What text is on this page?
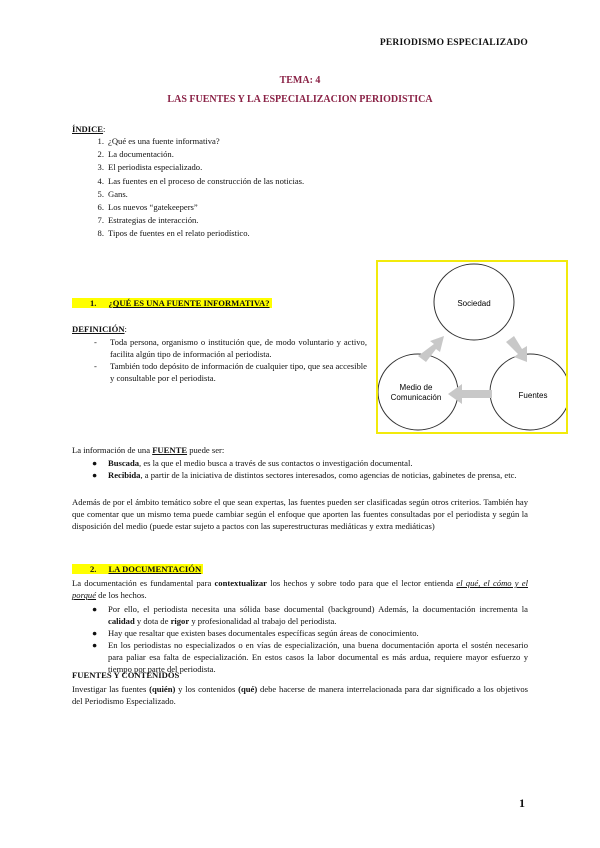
PERIODISMO ESPECIALIZADO
TEMA: 4
LAS FUENTES Y LA ESPECIALIZACION PERIODISTICA
ÍNDICE:
1. ¿Qué es una fuente informativa?
2. La documentación.
3. El periodista especializado.
4. Las fuentes en el proceso de construcción de las noticias.
5. Gans.
6. Los nuevos “gatekeepers”
7. Estrategias de interacción.
8. Tipos de fuentes en el relato periodístico.
1. ¿QUÉ ES UNA FUENTE INFORMATIVA?
DEFINICIÓN:
- Toda persona, organismo o institución que, de modo voluntario y activo, facilita algún tipo de información al periodista.
- También todo depósito de información de cualquier tipo, que sea accesible y consultable por el periodista.
Sociedad
Fuentes
Medio de
Comunicación
La información de una FUENTE puede ser:
● Buscada, es la que el medio busca a través de sus contactos o investigación documental.
● Recibida, a partir de la iniciativa de distintos sectores interesados, como agencias de noticias, gabinetes de prensa, etc.
Además de por el ámbito temático sobre el que sean expertas, las fuentes pueden ser clasificadas según otros criterios. También hay que comentar que un mismo tema puede cambiar según el enfoque que aporten las fuentes consultadas por el periodista y según la disposición del medio (puede estar sujeto a pactos con las superestructuras mediáticas y extra mediáticas)
2. LA DOCUMENTACIÓN
La documentación es fundamental para contextualizar los hechos y sobre todo para que el lector entienda el qué, el cómo y el porqué de los hechos.
● Por ello, el periodista necesita una sólida base documental (background) Además, la documentación incrementa la calidad y dota de rigor y profesionalidad al trabajo del periodista.
● Hay que resaltar que existen bases documentales específicas según áreas de conocimiento.
● En los periodistas no especializados o en vías de especialización, una buena documentación aporta el sostén necesario para paliar esa falta de especialización. En estos casos la labor documental es más ardua, requiere mayor esfuerzo y tiempo por parte del periodista.
FUENTES Y CONTENIDOS
Investigar las fuentes (quién) y los contenidos (qué) debe hacerse de manera interrelacionada para dar significado a los objetivos del Periodismo Especializado.
1
